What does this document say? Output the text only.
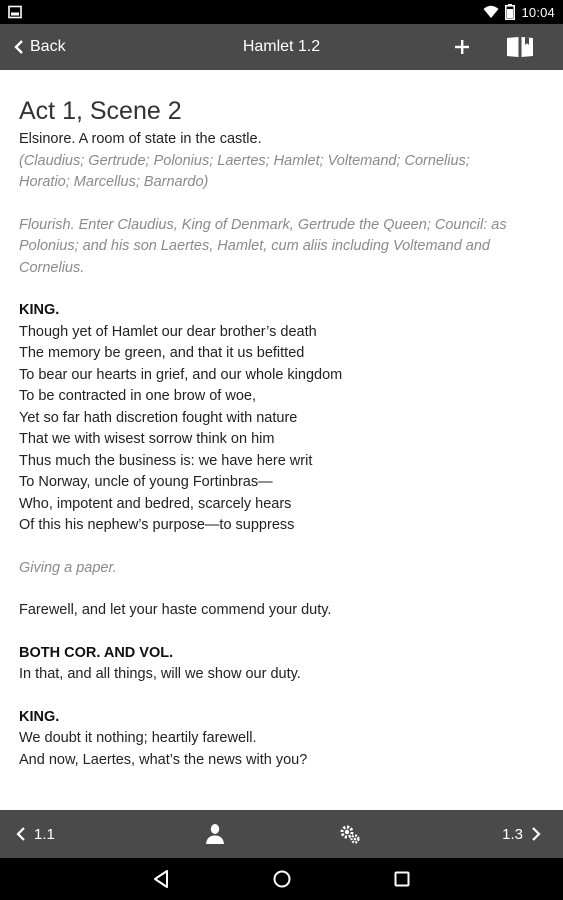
10:04
Back	Hamlet 1.2
Act 1, Scene 2
Elsinore. A room of state in the castle.
(Claudius; Gertrude; Polonius; Laertes; Hamlet; Voltemand; Cornelius;
Horatio; Marcellus; Barnardo)
Flourish. Enter Claudius, King of Denmark, Gertrude the Queen; Council: as
Polonius; and his son Laertes, Hamlet, cum aliis including Voltemand and
Cornelius.
KING.
Though yet of Hamlet our dear brother’s death
The memory be green, and that it us befitted
To bear our hearts in grief, and our whole kingdom
To be contracted in one brow of woe,
Yet so far hath discretion fought with nature
That we with wisest sorrow think on him
Thus much the business is: we have here writ
To Norway, uncle of young Fortinbras—
Who, impotent and bedred, scarcely hears
Of this his nephew’s purpose—to suppress
Giving a paper.
Farewell, and let your haste commend your duty.
BOTH COR. AND VOL.
In that, and all things, will we show our duty.
KING.
We doubt it nothing; heartily farewell.
And now, Laertes, what’s the news with you?
1.1	1.3
